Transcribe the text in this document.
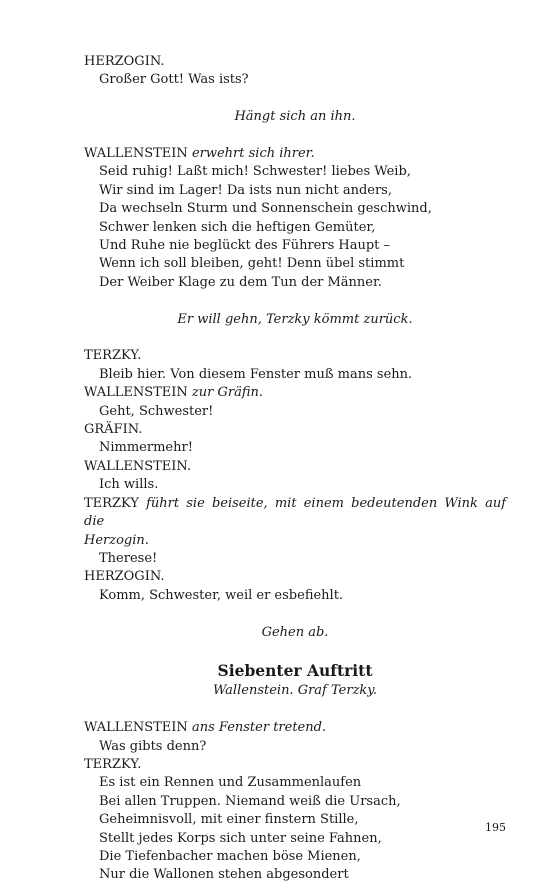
HERZOGIN.
Großer Gott! Was ists?
Hängt sich an ihn.
WALLENSTEIN erwehrt sich ihrer.
Seid ruhig! Laßt mich! Schwester! liebes Weib,
Wir sind im Lager! Da ists nun nicht anders,
Da wechseln Sturm und Sonnenschein geschwind,
Schwer lenken sich die heftigen Gemüter,
Und Ruhe nie beglückt des Führers Haupt –
Wenn ich soll bleiben, geht! Denn übel stimmt
Der Weiber Klage zu dem Tun der Männer.
Er will gehn, Terzky kömmt zurück.
TERZKY.
Bleib hier. Von diesem Fenster muß mans sehn.
WALLENSTEIN zur Gräfin.
Geht, Schwester!
GRÄFIN.
Nimmermehr!
WALLENSTEIN.
Ich wills.
TERZKY führt sie beiseite, mit einem bedeutenden Wink auf die
Herzogin.
Therese!
HERZOGIN.
Komm, Schwester, weil er esbefiehlt.
Gehen ab.
Siebenter Auftritt
Wallenstein. Graf Terzky.
WALLENSTEIN ans Fenster tretend.
Was gibts denn?
TERZKY.
Es ist ein Rennen und Zusammenlaufen
Bei allen Truppen. Niemand weiß die Ursach,
Geheimnisvoll, mit einer finstern Stille,
Stellt jedes Korps sich unter seine Fahnen,
Die Tiefenbacher machen böse Mienen,
Nur die Wallonen stehen abgesondert
195
